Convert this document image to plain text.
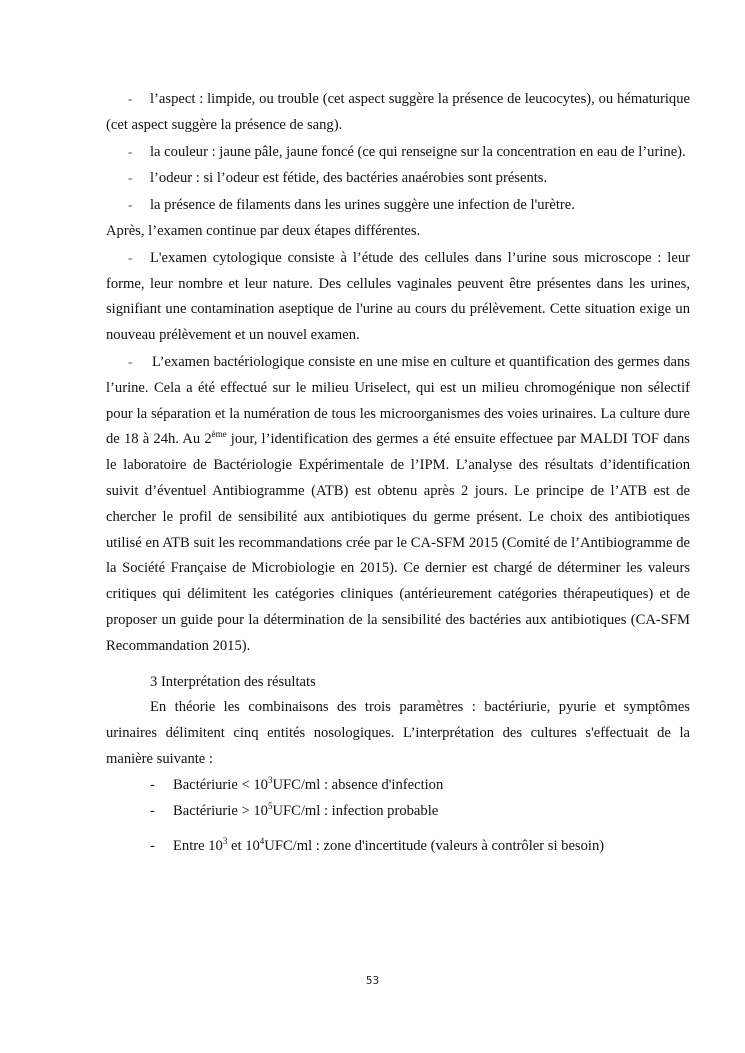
- l’aspect : limpide, ou trouble (cet aspect suggère la présence de leucocytes), ou hématurique (cet aspect suggère la présence de sang).

- la couleur : jaune pâle, jaune foncé (ce qui renseigne sur la concentration en eau de l’urine).

- l’odeur : si l’odeur est fétide, des bactéries anaérobies sont présents.

- la présence de filaments dans les urines suggère une infection de l'urètre.

Après, l’examen continue par deux étapes différentes.

- L'examen cytologique consiste à l’étude des cellules dans l’urine sous microscope : leur forme, leur nombre et leur nature. Des cellules vaginales peuvent être présentes dans les urines, signifiant une contamination aseptique de l'urine au cours du prélèvement. Cette situation exige un nouveau prélèvement et un nouvel examen.

- L’examen bactériologique consiste en une mise en culture et quantification des germes dans l’urine. Cela a été effectué sur le milieu Uriselect, qui est un milieu chromogénique non sélectif pour la séparation et la numération de tous les microorganismes des voies urinaires. La culture dure de 18 à 24h. Au 2ème jour, l’identification des germes a été ensuite effectuee par MALDI TOF dans le laboratoire de Bactériologie Expérimentale de l’IPM. L’analyse des résultats d’identification suivit d’éventuel Antibiogramme (ATB) est obtenu après 2 jours. Le principe de l’ATB est de chercher le profil de sensibilité aux antibiotiques du germe présent. Le choix des antibiotiques utilisé en ATB suit les recommandations crée par le CA-SFM 2015 (Comité de l’Antibiogramme de la Société Française de Microbiologie en 2015). Ce dernier est chargé de déterminer les valeurs critiques qui délimitent les catégories cliniques (antérieurement catégories thérapeutiques) et de proposer un guide pour la détermination de la sensibilité des bactéries aux antibiotiques (CA-SFM Recommandation 2015).

3 Interprétation des résultats

En théorie les combinaisons des trois paramètres : bactériurie, pyurie et symptômes urinaires délimitent cinq entités nosologiques. L’interprétation des cultures s'effectuait de la manière suivante :

- Bactériurie < $10^3UFC/ml$ : absence d'infection

- Bactériurie > $10^5UFC/ml$ : infection probable

- Entre $10^3$ et $10^4UFC/ml$ : zone d'incertitude (valeurs à contrôler si besoin)

53
